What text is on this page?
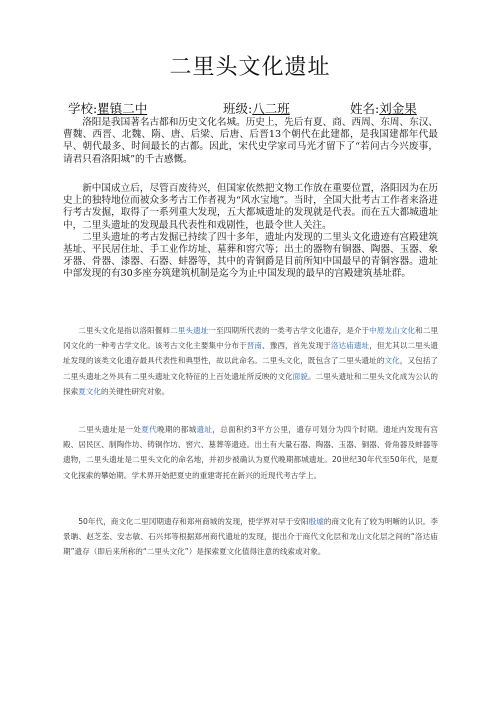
二里头文化遗址
学校:瞿镇二中	班级:八二班	姓名:刘金果

洛阳是我国著名古都和历史文化名城。历史上，先后有夏、商、西周、东周、东汉、曹魏、西晋、北魏、隋、唐、后梁、后唐、后晋13个朝代在此建都，是我国建都年代最早、朝代最多、时间最长的古都。因此，宋代史学家司马光才留下了“若问古今兴废事，请君只看洛阳城”的千古感慨。

新中国成立后，尽管百废待兴，但国家依然把文物工作放在重要位置，洛阳因为在历史上的独特地位而被众多考古工作者视为“风水宝地”。当时，全国大批考古工作者来洛进行考古发掘，取得了一系列重大发现，五大都城遗址的发现就是代表。而在五大都城遗址中，二里头遗址的发现最具代表性和戏剧性，也最令世人关注。

二里头遗址的考古发掘已持续了四十多年，遗址内发现的二里头文化遗迹有宫殿建筑基址、平民居住址、手工业作坊址、墓葬和窖穴等；出土的器物有铜器、陶器、玉器、象牙器、骨器、漆器、石器、蚌器等，其中的青铜爵是目前所知中国最早的青铜容器。遗址中部发现的有30多座夯筑建筑机制是迄今为止中国发现的最早的宫殿建筑基址群。

二里头文化是指以洛阳偃师二里头遗址一至四期所代表的一类考古学文化遗存，是介于中原龙山文化和二里冈文化的一种考古学文化。该考古文化主要集中分布于晋南、豫西，首先发现于洛达庙遗址，但尤其以二里头遗址发现的该类文化遗存最具代表性和典型性，故以此命名。二里头文化，既包含了二里头遗址的文化，又包括了二里头遗址之外具有二里头遗址文化特征的上百处遗址所反映的文化面貌。二里头遗址和二里头文化成为公认的探索夏文化的关键性研究对象。

二里头遗址是一处夏代晚期的都城遗址，总面积约3平方公里，遗存可划分为四个时期。遗址内发现有宫殿、居民区、制陶作坊、铸铜作坊、窖穴、墓葬等遗迹。出土有大量石器、陶器、玉器、铜器、骨角器及蚌器等遗物，二里头遗址是二里头文化的命名地，并初步被确认为夏代晚期都城遗址。20世纪30年代至50年代，是夏文化探索的攀始期。学术界开始把夏史的重建寄托在新兴的近现代考古学上。

50年代，商文化二里冈期遗存和郑州商城的发现，使学界对早于安阳殷墟的商文化有了较为明晰的认识。李景聃、赵芝荃、安志敏、石兴邦等根据郑州商代遗址的发现，提出介于商代文化层和龙山文化层之间的“洛达庙期”遗存（即后来所称的“二里头文化”）是探索夏文化值得注意的线索或对象。
